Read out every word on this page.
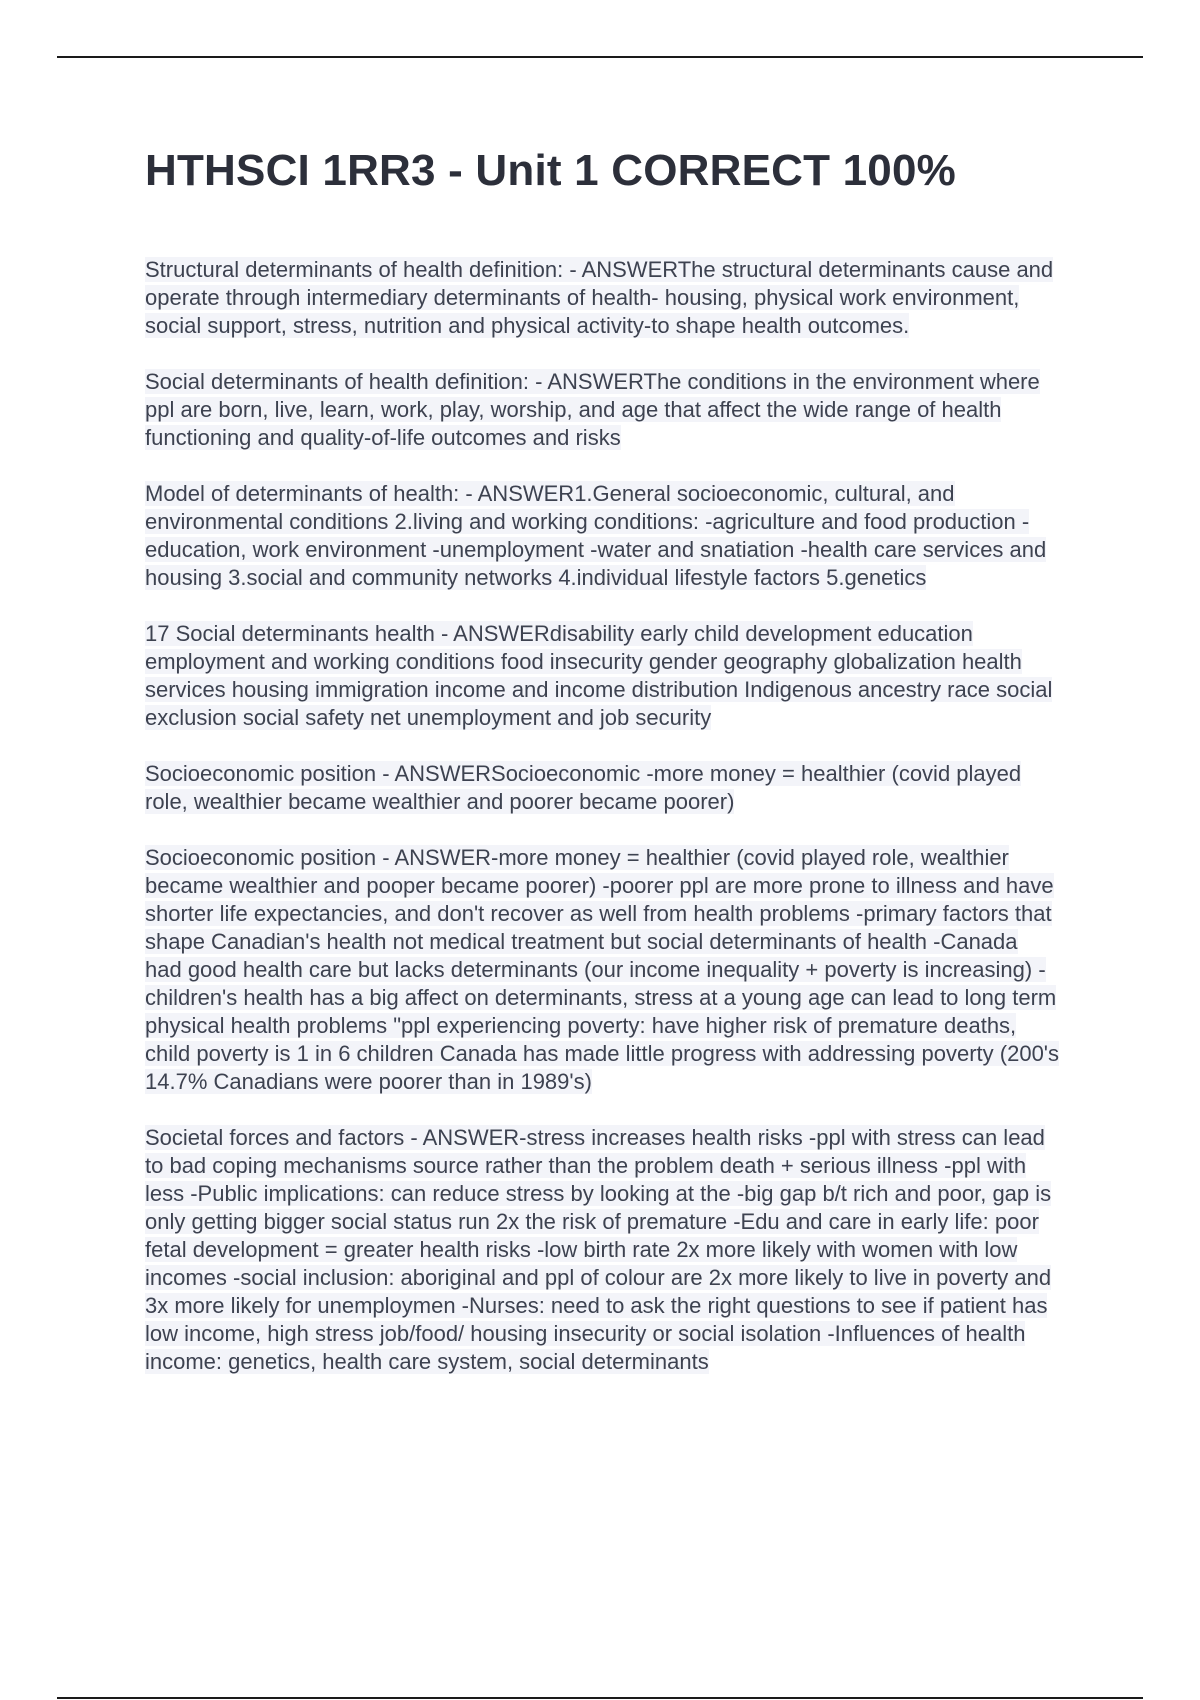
HTHSCI 1RR3 - Unit 1 CORRECT 100%

Structural determinants of health definition: - ANSWERThe structural determinants cause and operate through intermediary determinants of health- housing, physical work environment, social support, stress, nutrition and physical activity-to shape health outcomes.

Social determinants of health definition: - ANSWERThe conditions in the environment where ppl are born, live, learn, work, play, worship, and age that affect the wide range of health functioning and quality-of-life outcomes and risks

Model of determinants of health: - ANSWER1.General socioeconomic, cultural, and environmental conditions 2.living and working conditions: -agriculture and food production -education, work environment -unemployment -water and snatiation -health care services and housing 3.social and community networks 4.individual lifestyle factors 5.genetics

17 Social determinants health - ANSWERdisability early child development education employment and working conditions food insecurity gender geography globalization health services housing immigration income and income distribution Indigenous ancestry race social exclusion social safety net unemployment and job security

Socioeconomic position - ANSWERSocioeconomic -more money = healthier (covid played role, wealthier became wealthier and poorer became poorer)

Socioeconomic position - ANSWER-more money = healthier (covid played role, wealthier became wealthier and pooper became poorer) -poorer ppl are more prone to illness and have shorter life expectancies, and don't recover as well from health problems -primary factors that shape Canadian's health not medical treatment but social determinants of health -Canada had good health care but lacks determinants (our income inequality + poverty is increasing) -children's health has a big affect on determinants, stress at a young age can lead to long term physical health problems "ppl experiencing poverty: have higher risk of premature deaths, child poverty is 1 in 6 children Canada has made little progress with addressing poverty (200's 14.7% Canadians were poorer than in 1989's)

Societal forces and factors - ANSWER-stress increases health risks -ppl with stress can lead to bad coping mechanisms source rather than the problem death + serious illness -ppl with less -Public implications: can reduce stress by looking at the -big gap b/t rich and poor, gap is only getting bigger social status run 2x the risk of premature -Edu and care in early life: poor fetal development = greater health risks -low birth rate 2x more likely with women with low incomes -social inclusion: aboriginal and ppl of colour are 2x more likely to live in poverty and 3x more likely for unemploymen -Nurses: need to ask the right questions to see if patient has low income, high stress job/food/ housing insecurity or social isolation -Influences of health income: genetics, health care system, social determinants
